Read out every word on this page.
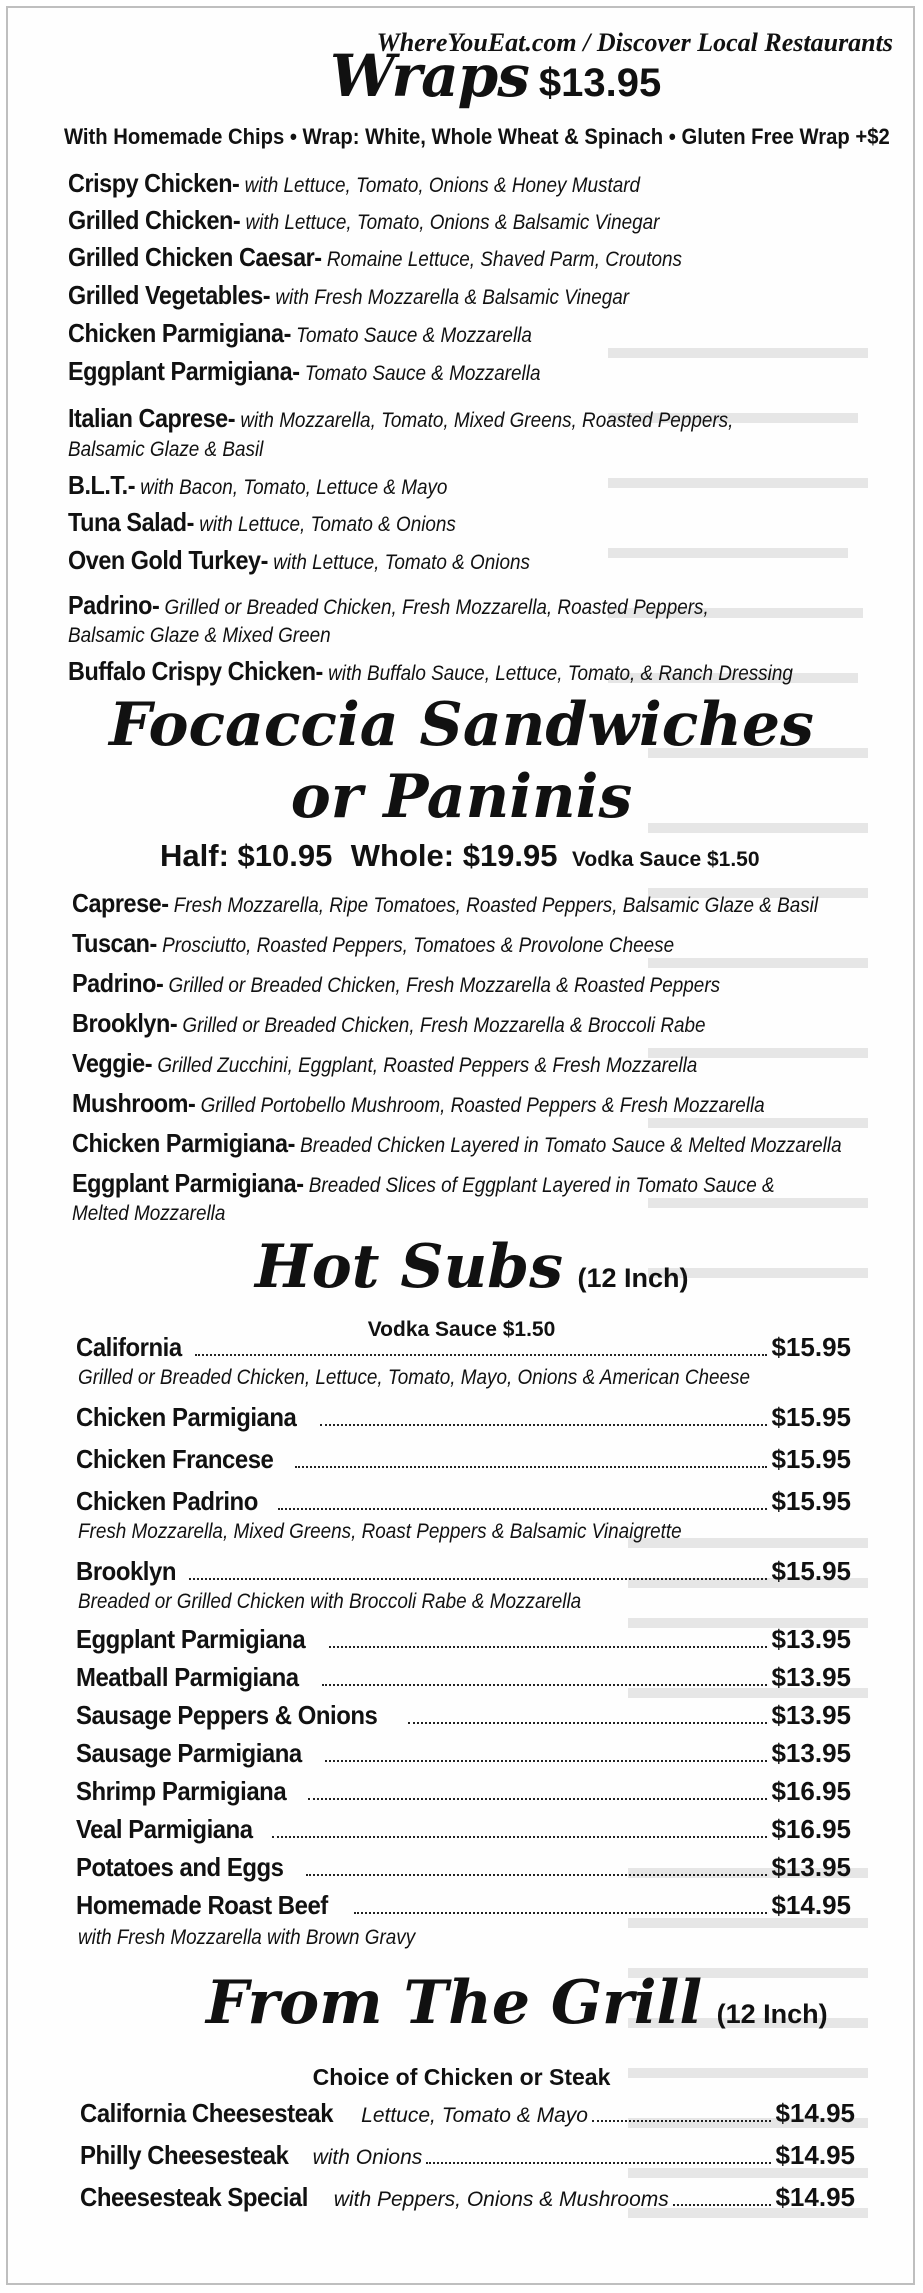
WhereYouEat.com / Discover Local Restaurants
Wraps $13.95
With Homemade Chips • Wrap: White, Whole Wheat & Spinach • Gluten Free Wrap +$2
Crispy Chicken- with Lettuce, Tomato, Onions & Honey Mustard
Grilled Chicken- with Lettuce, Tomato, Onions & Balsamic Vinegar
Grilled Chicken Caesar- Romaine Lettuce, Shaved Parm, Croutons
Grilled Vegetables- with Fresh Mozzarella & Balsamic Vinegar
Chicken Parmigiana- Tomato Sauce & Mozzarella
Eggplant Parmigiana- Tomato Sauce & Mozzarella
Italian Caprese- with Mozzarella, Tomato, Mixed Greens, Roasted Peppers,
Balsamic Glaze & Basil
B.L.T.- with Bacon, Tomato, Lettuce & Mayo
Tuna Salad- with Lettuce, Tomato & Onions
Oven Gold Turkey- with Lettuce, Tomato & Onions
Padrino- Grilled or Breaded Chicken, Fresh Mozzarella, Roasted Peppers,
Balsamic Glaze & Mixed Green
Buffalo Crispy Chicken- with Buffalo Sauce, Lettuce, Tomato, & Ranch Dressing
Focaccia Sandwiches
or Paninis
Half: $10.95 Whole: $19.95 Vodka Sauce $1.50
Caprese- Fresh Mozzarella, Ripe Tomatoes, Roasted Peppers, Balsamic Glaze & Basil
Tuscan- Prosciutto, Roasted Peppers, Tomatoes & Provolone Cheese
Padrino- Grilled or Breaded Chicken, Fresh Mozzarella & Roasted Peppers
Brooklyn- Grilled or Breaded Chicken, Fresh Mozzarella & Broccoli Rabe
Veggie- Grilled Zucchini, Eggplant, Roasted Peppers & Fresh Mozzarella
Mushroom- Grilled Portobello Mushroom, Roasted Peppers & Fresh Mozzarella
Chicken Parmigiana- Breaded Chicken Layered in Tomato Sauce & Melted Mozzarella
Eggplant Parmigiana- Breaded Slices of Eggplant Layered in Tomato Sauce &
Melted Mozzarella
Hot Subs (12 Inch)
Vodka Sauce $1.50
California	$15.95
Grilled or Breaded Chicken, Lettuce, Tomato, Mayo, Onions & American Cheese
Chicken Parmigiana	$15.95
Chicken Francese	$15.95
Chicken Padrino	$15.95
Fresh Mozzarella, Mixed Greens, Roast Peppers & Balsamic Vinaigrette
Brooklyn	$15.95
Breaded or Grilled Chicken with Broccoli Rabe & Mozzarella
Eggplant Parmigiana	$13.95
Meatball Parmigiana	$13.95
Sausage Peppers & Onions	$13.95
Sausage Parmigiana	$13.95
Shrimp Parmigiana	$16.95
Veal Parmigiana	$16.95
Potatoes and Eggs	$13.95
Homemade Roast Beef	$14.95
with Fresh Mozzarella with Brown Gravy
From The Grill (12 Inch)
Choice of Chicken or Steak
California Cheesesteak Lettuce, Tomato & Mayo	$14.95
Philly Cheesesteak with Onions	$14.95
Cheesesteak Special with Peppers, Onions & Mushrooms	$14.95
